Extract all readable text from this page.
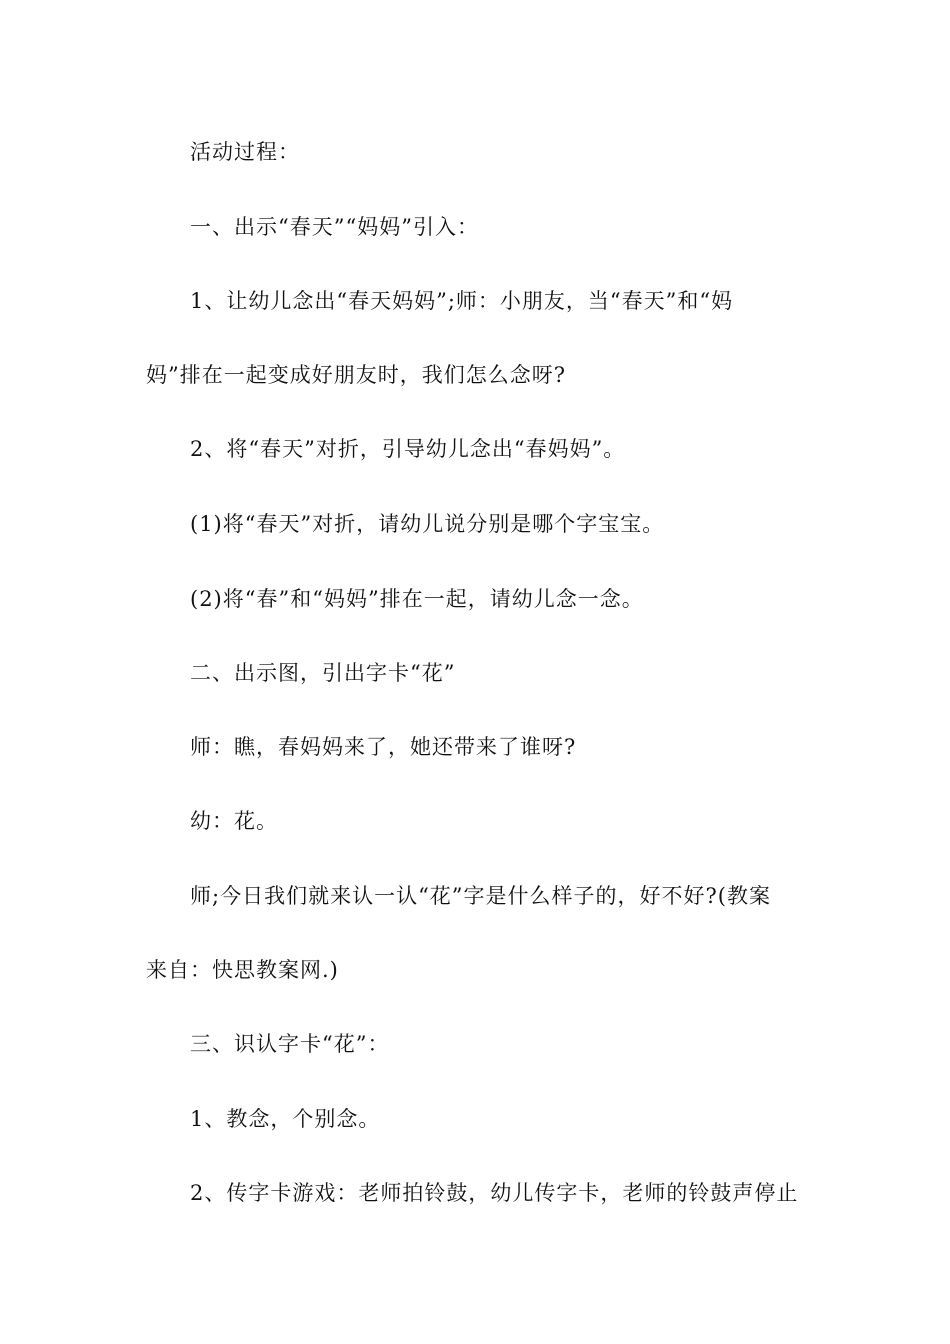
活动过程：

一、出示“春天”“妈妈”引入：

1、让幼儿念出“春天妈妈”;师：小朋友，当“春天”和“妈

妈”排在一起变成好朋友时，我们怎么念呀?

2、将“春天”对折，引导幼儿念出“春妈妈”。

(1)将“春天”对折，请幼儿说分别是哪个字宝宝。

(2)将“春”和“妈妈”排在一起，请幼儿念一念。

二、出示图，引出字卡“花”

师：瞧，春妈妈来了，她还带来了谁呀?

幼：花。

师;今日我们就来认一认“花”字是什么样子的，好不好?(教案

来自：快思教案网.)

三、识认字卡“花”：

1、教念，个别念。

2、传字卡游戏：老师拍铃鼓，幼儿传字卡，老师的铃鼓声停止
